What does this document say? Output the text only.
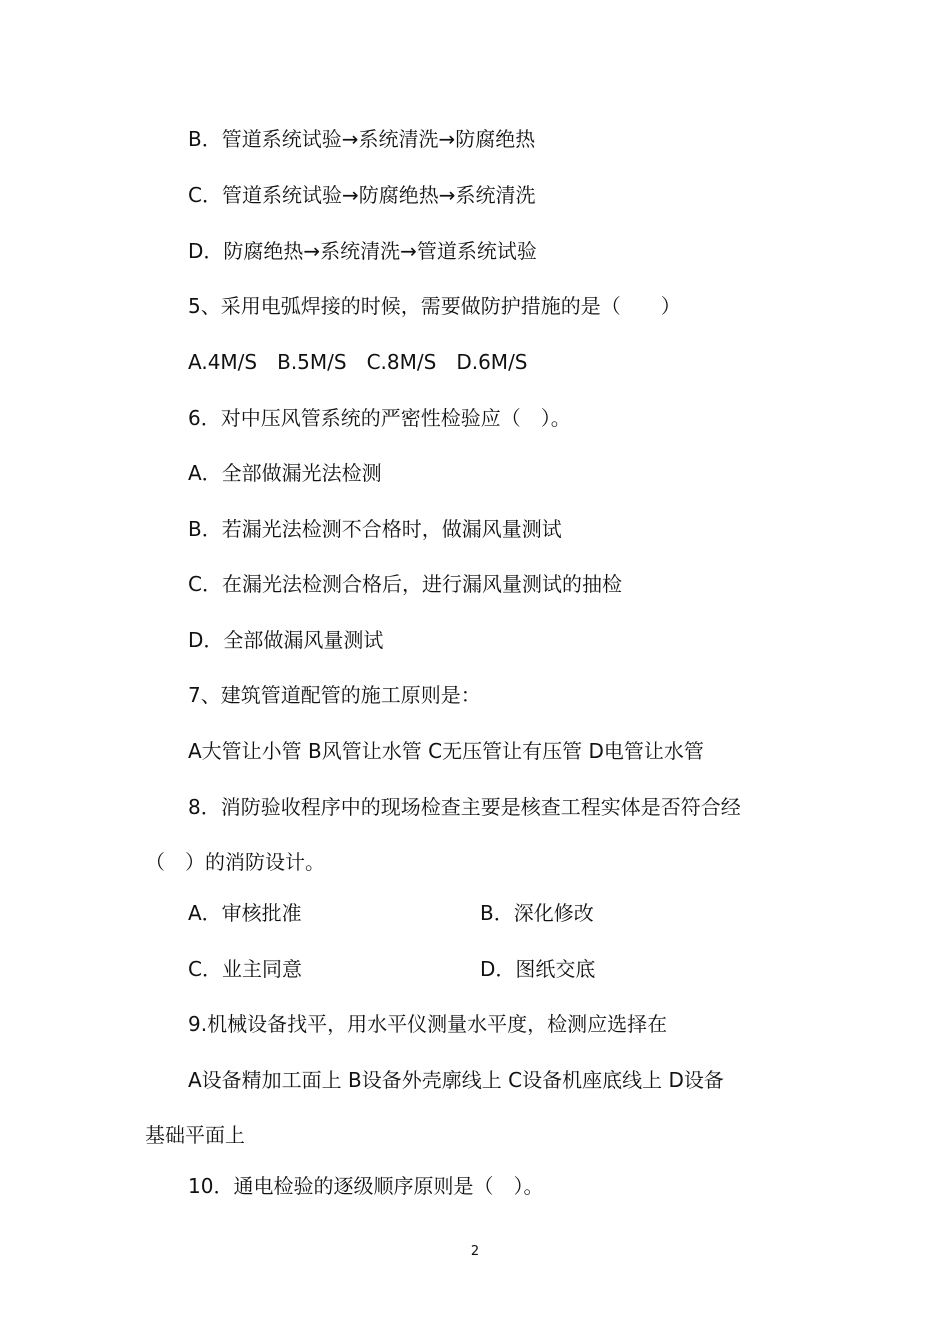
B．管道系统试验→系统清洗→防腐绝热
C．管道系统试验→防腐绝热→系统清洗
D．防腐绝热→系统清洗→管道系统试验
5、采用电弧焊接的时候，需要做防护措施的是（　　）
A.4M/S　B.5M/S　C.8M/S　D.6M/S
6．对中压风管系统的严密性检验应（　）。
A．全部做漏光法检测
B．若漏光法检测不合格时，做漏风量测试
C．在漏光法检测合格后，进行漏风量测试的抽检
D．全部做漏风量测试
7、建筑管道配管的施工原则是：
A大管让小管 B风管让水管 C无压管让有压管 D电管让水管
8．消防验收程序中的现场检查主要是核查工程实体是否符合经
（　）的消防设计。
A．审核批准	B．深化修改
C．业主同意	D．图纸交底
9.机械设备找平，用水平仪测量水平度，检测应选择在
A设备精加工面上 B设备外壳廓线上 C设备机座底线上 D设备
基础平面上
10．通电检验的逐级顺序原则是（　）。
2
